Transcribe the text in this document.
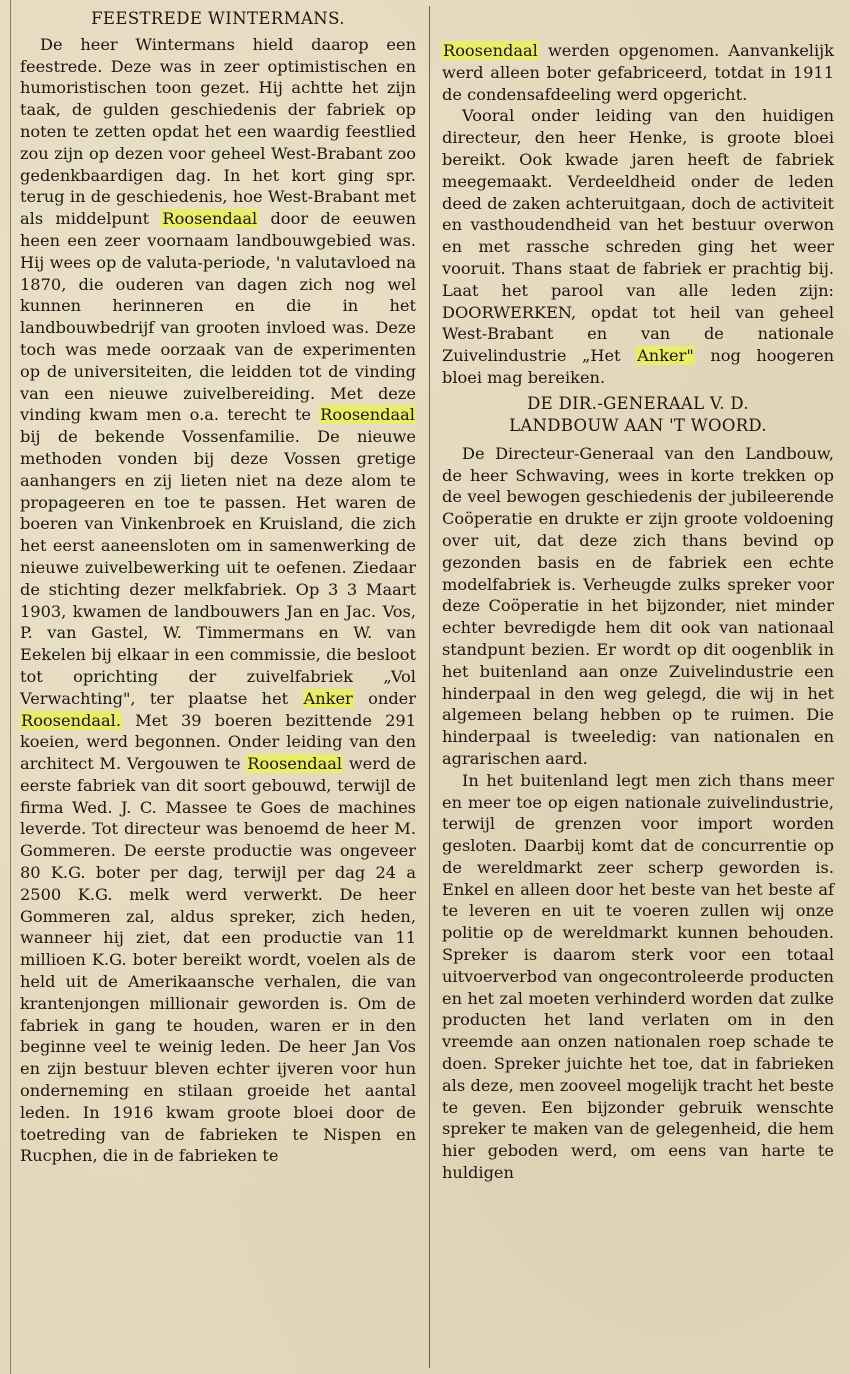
FEESTREDE WINTERMANS.

De heer Wintermans hield daarop een feestrede. Deze was in zeer optimistischen en humoristischen toon gezet. Hij achtte het zijn taak, de gulden geschiedenis der fabriek op noten te zetten opdat het een waardig feestlied zou zijn op dezen voor geheel West-Brabant zoo gedenkbaardigen dag. In het kort ging spr. terug in de geschiedenis, hoe West-Brabant met als middelpunt Roosendaal door de eeuwen heen een zeer voornaam landbouwgebied was. Hij wees op de valuta-periode, 'n valutavloed na 1870, die ouderen van dagen zich nog wel kunnen herinneren en die in het landbouwbedrijf van grooten invloed was. Deze toch was mede oorzaak van de experimenten op de universiteiten, die leidden tot de vinding van een nieuwe zuivelbereiding. Met deze vinding kwam men o.a. terecht te Roosendaal bij de bekende Vossenfamilie. De nieuwe methoden vonden bij deze Vossen gretige aanhangers en zij lieten niet na deze alom te propageeren en toe te passen. Het waren de boeren van Vinkenbroek en Kruisland, die zich het eerst aaneensloten om in samenwerking de nieuwe zuivelbewerking uit te oefenen. Ziedaar de stichting dezer melkfabriek. Op 3 3 Maart 1903, kwamen de landbouwers Jan en Jac. Vos, P. van Gastel, W. Timmermans en W. van Eekelen bij elkaar in een commissie, die besloot tot oprichting der zuivelfabriek „Vol Verwachting", ter plaatse het Anker onder Roosendaal. Met 39 boeren bezittende 291 koeien, werd begonnen. Onder leiding van den architect M. Vergouwen te Roosendaal werd de eerste fabriek van dit soort gebouwd, terwijl de firma Wed. J. C. Massee te Goes de machines leverde. Tot directeur was benoemd de heer M. Gommeren. De eerste productie was ongeveer 80 K.G. boter per dag, terwijl per dag 24 a 2500 K.G. melk werd verwerkt. De heer Gommeren zal, aldus spreker, zich heden, wanneer hij ziet, dat een productie van 11 millioen K.G. boter bereikt wordt, voelen als de held uit de Amerikaansche verhalen, die van krantenjongen millionair geworden is. Om de fabriek in gang te houden, waren er in den beginne veel te weinig leden. De heer Jan Vos en zijn bestuur bleven echter ijveren voor hun onderneming en stilaan groeide het aantal leden. In 1916 kwam groote bloei door de toetreding van de fabrieken te Nispen en Rucphen, die in de fabrieken te

Roosendaal werden opgenomen. Aanvankelijk werd alleen boter gefabriceerd, totdat in 1911 de condensafdeeling werd opgericht.

Vooral onder leiding van den huidigen directeur, den heer Henke, is groote bloei bereikt. Ook kwade jaren heeft de fabriek meegemaakt. Verdeeldheid onder de leden deed de zaken achteruitgaan, doch de activiteit en vasthoudendheid van het bestuur overwon en met rassche schreden ging het weer vooruit. Thans staat de fabriek er prachtig bij. Laat het parool van alle leden zijn: DOORWERKEN, opdat tot heil van geheel West-Brabant en van de nationale Zuivelindustrie „Het Anker" nog hoogeren bloei mag bereiken.

DE DIR.-GENERAAL V. D.
LANDBOUW AAN 'T WOORD.

De Directeur-Generaal van den Landbouw, de heer Schwaving, wees in korte trekken op de veel bewogen geschiedenis der jubileerende Coöperatie en drukte er zijn groote voldoening over uit, dat deze zich thans bevind op gezonden basis en de fabriek een echte modelfabriek is. Verheugde zulks spreker voor deze Coöperatie in het bijzonder, niet minder echter bevredigde hem dit ook van nationaal standpunt bezien. Er wordt op dit oogenblik in het buitenland aan onze Zuivelindustrie een hinderpaal in den weg gelegd, die wij in het algemeen belang hebben op te ruimen. Die hinderpaal is tweeledig: van nationalen en agrarischen aard.

In het buitenland legt men zich thans meer en meer toe op eigen nationale zuivelindustrie, terwijl de grenzen voor import worden gesloten. Daarbij komt dat de concurrentie op de wereldmarkt zeer scherp geworden is. Enkel en alleen door het beste van het beste af te leveren en uit te voeren zullen wij onze politie op de wereldmarkt kunnen behouden. Spreker is daarom sterk voor een totaal uitvoerverbod van ongecontroleerde producten en het zal moeten verhinderd worden dat zulke producten het land verlaten om in den vreemde aan onzen nationalen roep schade te doen. Spreker juichte het toe, dat in fabrieken als deze, men zooveel mogelijk tracht het beste te geven. Een bijzonder gebruik wenschte spreker te maken van de gelegenheid, die hem hier geboden werd, om eens van harte te huldigen
